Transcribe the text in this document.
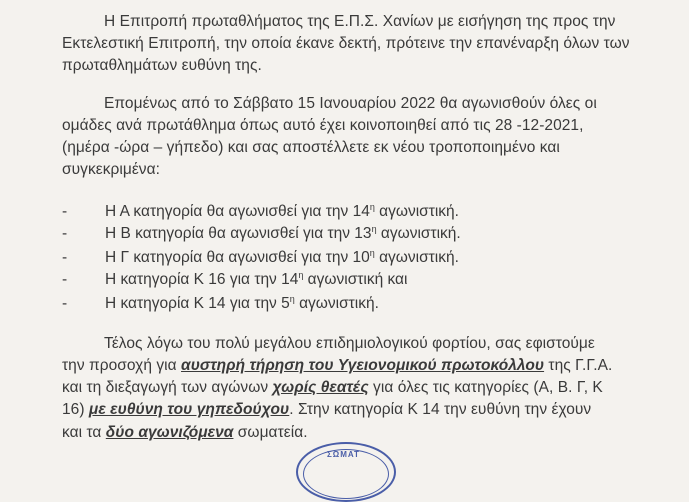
Η Επιτροπή πρωταθλήματος της Ε.Π.Σ. Χανίων με εισήγηση της προς την
Εκτελεστική Επιτροπή, την οποία έκανε δεκτή, πρότεινε την επανέναρξη όλων των
πρωταθλημάτων ευθύνη της.
Επομένως από το Σάββατο 15 Ιανουαρίου 2022 θα αγωνισθούν όλες οι
ομάδες ανά πρωτάθλημα όπως αυτό έχει κοινοποιηθεί από τις 28 -12-2021,
(ημέρα -ώρα – γήπεδο) και σας αποστέλλετε εκ νέου τροποποιημένο και
συγκεκριμένα:
- Η Α κατηγορία θα αγωνισθεί για την $14^\eta$ αγωνιστική.
- Η Β κατηγορία θα αγωνισθεί για την $13^\eta$ αγωνιστική.
- Η Γ κατηγορία θα αγωνισθεί για την $10^\eta$ αγωνιστική.
- Η κατηγορία Κ 16 για την $14^\eta$ αγωνιστική και
- Η κατηγορία Κ 14 για την $5^\eta$ αγωνιστική.
Τέλος λόγω του πολύ μεγάλου επιδημιολογικού φορτίου, σας εφιστούμε
την προσοχή για αυστηρή τήρηση του Υγειονομικού πρωτοκόλλου της Γ.Γ.Α.
και τη διεξαγωγή των αγώνων χωρίς θεατές για όλες τις κατηγορίες (Α, Β. Γ, Κ
16) με ευθύνη του γηπεδούχου. Στην κατηγορία Κ 14 την ευθύνη την έχουν
και τα δύο αγωνιζόμενα σωματεία.
ΣΩΜΑΤ
